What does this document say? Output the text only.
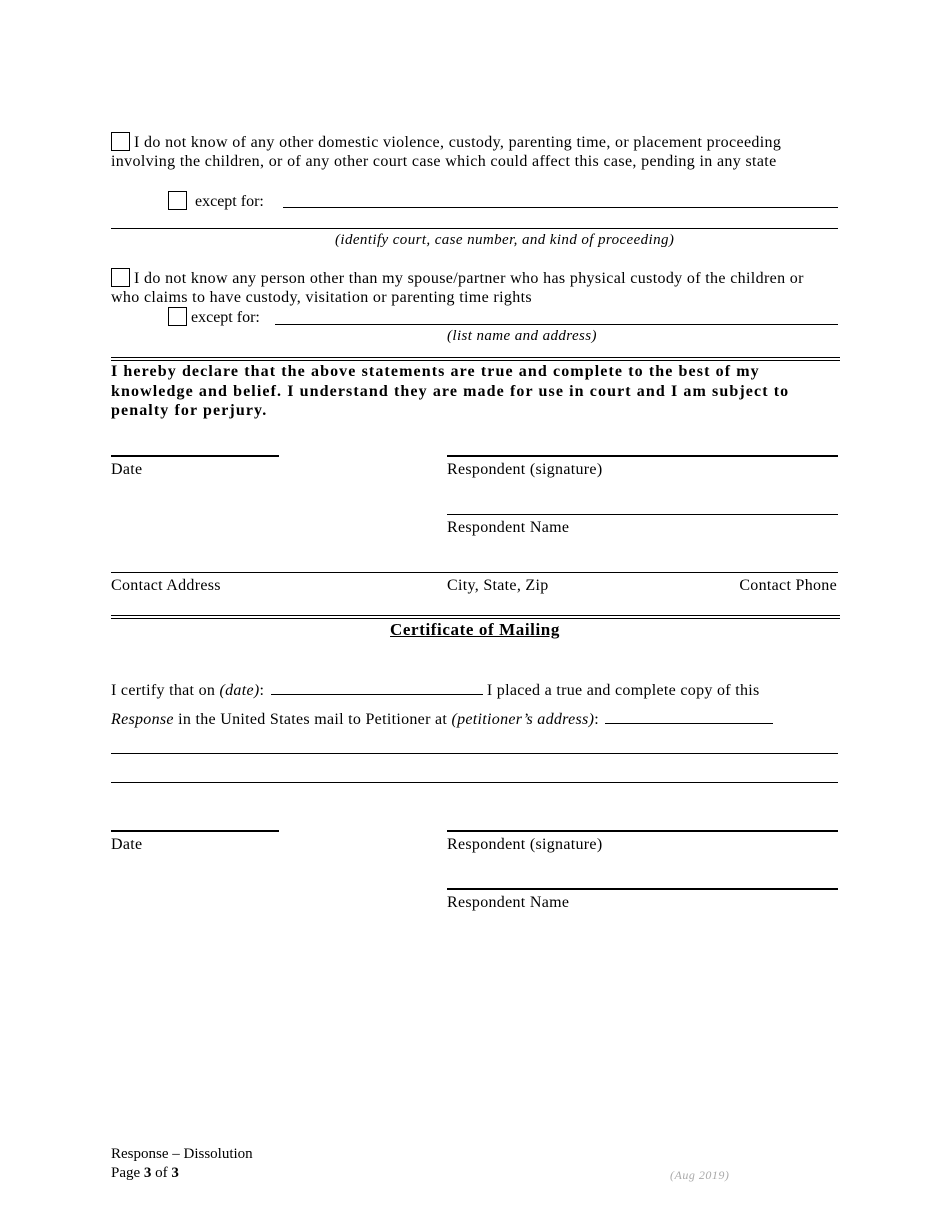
I do not know of any other domestic violence, custody, parenting time, or placement proceeding involving the children, or of any other court case which could affect this case, pending in any state
except for:
(identify court, case number, and kind of proceeding)
I do not know any person other than my spouse/partner who has physical custody of the children or who claims to have custody, visitation or parenting time rights
except for:
(list name and address)
I hereby declare that the above statements are true and complete to the best of my knowledge and belief. I understand they are made for use in court and I am subject to penalty for perjury.
Date	Respondent (signature)
Respondent Name
Contact Address	City, State, Zip	Contact Phone
Certificate of Mailing
I certify that on (date):	I placed a true and complete copy of this
Response in the United States mail to Petitioner at (petitioner’s address):
Date	Respondent (signature)
Respondent Name
Response – Dissolution
Page 3 of 3	(Aug 2019)
